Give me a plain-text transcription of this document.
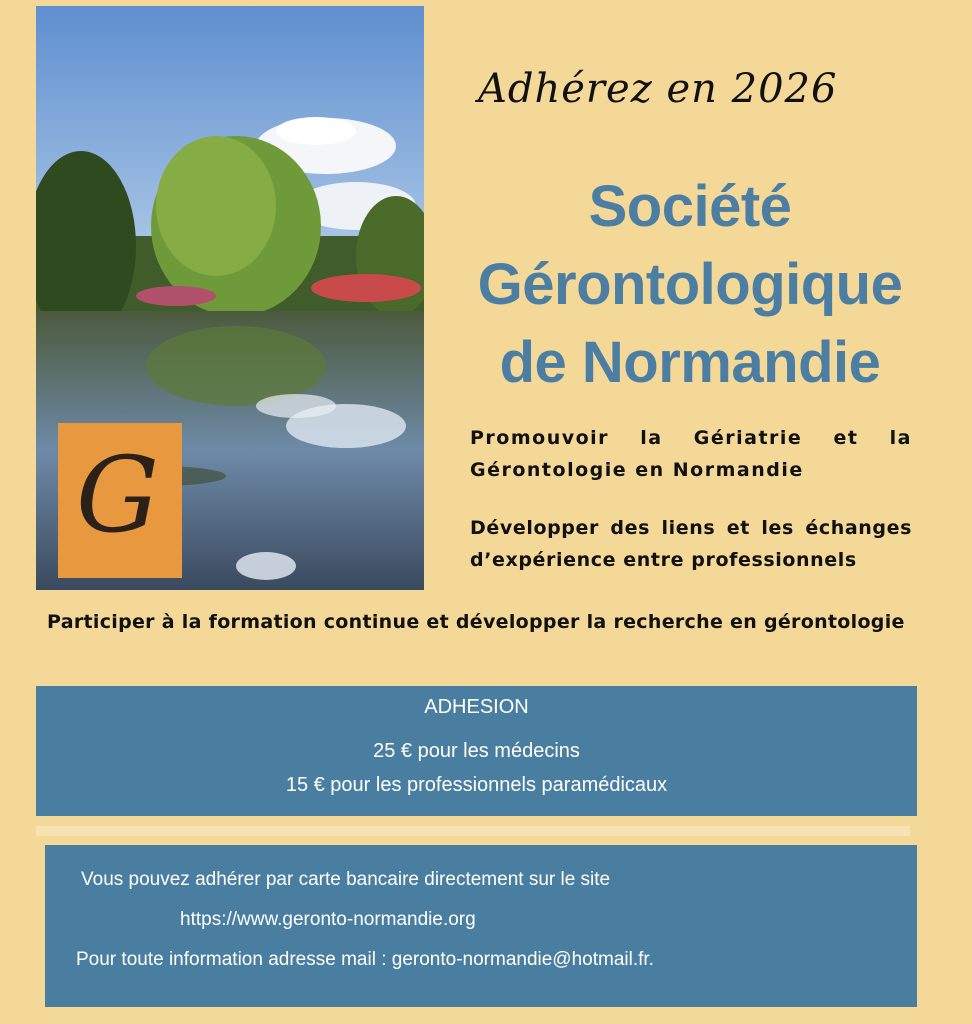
G
Adhérez en 2026
Société
Gérontologique
de Normandie

Promouvoir la Gériatrie et la Gérontologie en Normandie

Développer des liens et les échanges d’expérience entre professionnels

Participer à la formation continue et développer la recherche en gérontologie

ADHESION
25 € pour les médecins
15 € pour les professionnels paramédicaux

Vous pouvez adhérer par carte bancaire directement sur le site

https://www.geronto-normandie.org

Pour toute information adresse mail : geronto-normandie@hotmail.fr.
